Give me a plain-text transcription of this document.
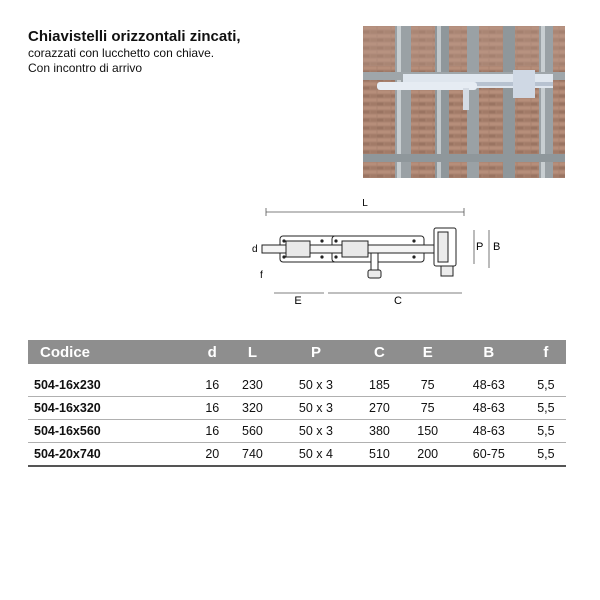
Chiavistelli orizzontali zincati,
corazzati con lucchetto con chiave.
Con incontro di arrivo
L
d
f
E	C
P B
Codice	d	L	P	C	E	B	f
504-16x230	16	230	50 x 3	185	75	48-63	5,5
504-16x320	16	320	50 x 3	270	75	48-63	5,5
504-16x560	16	560	50 x 3	380	150	48-63	5,5
504-20x740	20	740	50 x 4	510	200	60-75	5,5
